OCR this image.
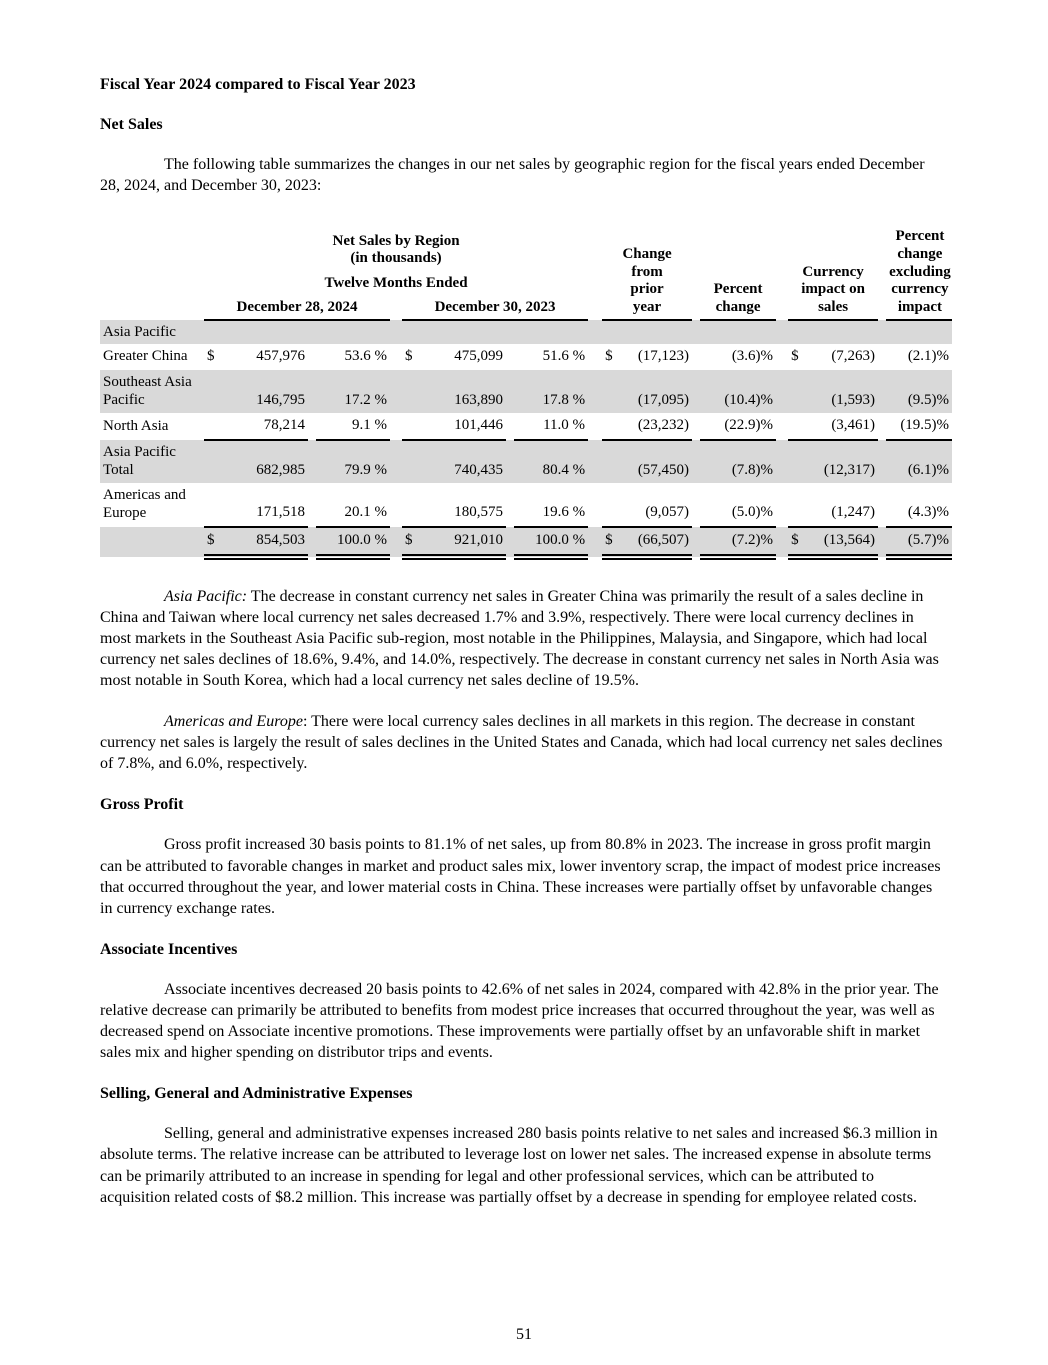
Fiscal Year 2024 compared to Fiscal Year 2023
Net Sales

The following table summarizes the changes in our net sales by geographic region for the fiscal years ended December 28, 2024, and December 30, 2023:

	Net Sales by Region
(in thousands)										Change from prior year			Percent change		Currency impact on sales			Percent change excluding currency impact
	Twelve Months Ended																		
	December 28, 2024					December 30, 2023													
Asia Pacific																			
Greater China	$	457,976		53.6 %		$	475,099		51.6 %		$	(17,123)		(3.6)%		$	(7,263)		(2.1)%
Southeast Asia Pacific		146,795		17.2 %			163,890		17.8 %			(17,095)		(10.4)%			(1,593)		(9.5)%
North Asia		78,214		9.1 %			101,446		11.0 %			(23,232)		(22.9)%			(3,461)		(19.5)%
Asia Pacific Total		682,985		79.9 %			740,435		80.4 %			(57,450)		(7.8)%			(12,317)		(6.1)%
Americas and Europe		171,518		20.1 %			180,575		19.6 %			(9,057)		(5.0)%			(1,247)		(4.3)%
	$	854,503		100.0 %		$	921,010		100.0 %		$	(66,507)		(7.2)%		$	(13,564)		(5.7)%

Asia Pacific: The decrease in constant currency net sales in Greater China was primarily the result of a sales decline in China and Taiwan where local currency net sales decreased 1.7% and 3.9%, respectively. There were local currency declines in most markets in the Southeast Asia Pacific sub-region, most notable in the Philippines, Malaysia, and Singapore, which had local currency net sales declines of 18.6%, 9.4%, and 14.0%, respectively. The decrease in constant currency net sales in North Asia was most notable in South Korea, which had a local currency net sales decline of 19.5%.

Americas and Europe: There were local currency sales declines in all markets in this region. The decrease in constant currency net sales is largely the result of sales declines in the United States and Canada, which had local currency net sales declines of 7.8%, and 6.0%, respectively.

Gross Profit

Gross profit increased 30 basis points to 81.1% of net sales, up from 80.8% in 2023. The increase in gross profit margin can be attributed to favorable changes in market and product sales mix, lower inventory scrap, the impact of modest price increases that occurred throughout the year, and lower material costs in China. These increases were partially offset by unfavorable changes in currency exchange rates.

Associate Incentives

Associate incentives decreased 20 basis points to 42.6% of net sales in 2024, compared with 42.8% in the prior year. The relative decrease can primarily be attributed to benefits from modest price increases that occurred throughout the year, was well as decreased spend on Associate incentive promotions. These improvements were partially offset by an unfavorable shift in market sales mix and higher spending on distributor trips and events.

Selling, General and Administrative Expenses

Selling, general and administrative expenses increased 280 basis points relative to net sales and increased $6.3 million in absolute terms. The relative increase can be attributed to leverage lost on lower net sales. The increased expense in absolute terms can be primarily attributed to an increase in spending for legal and other professional services, which can be attributed to acquisition related costs of $8.2 million. This increase was partially offset by a decrease in spending for employee related costs.

51
